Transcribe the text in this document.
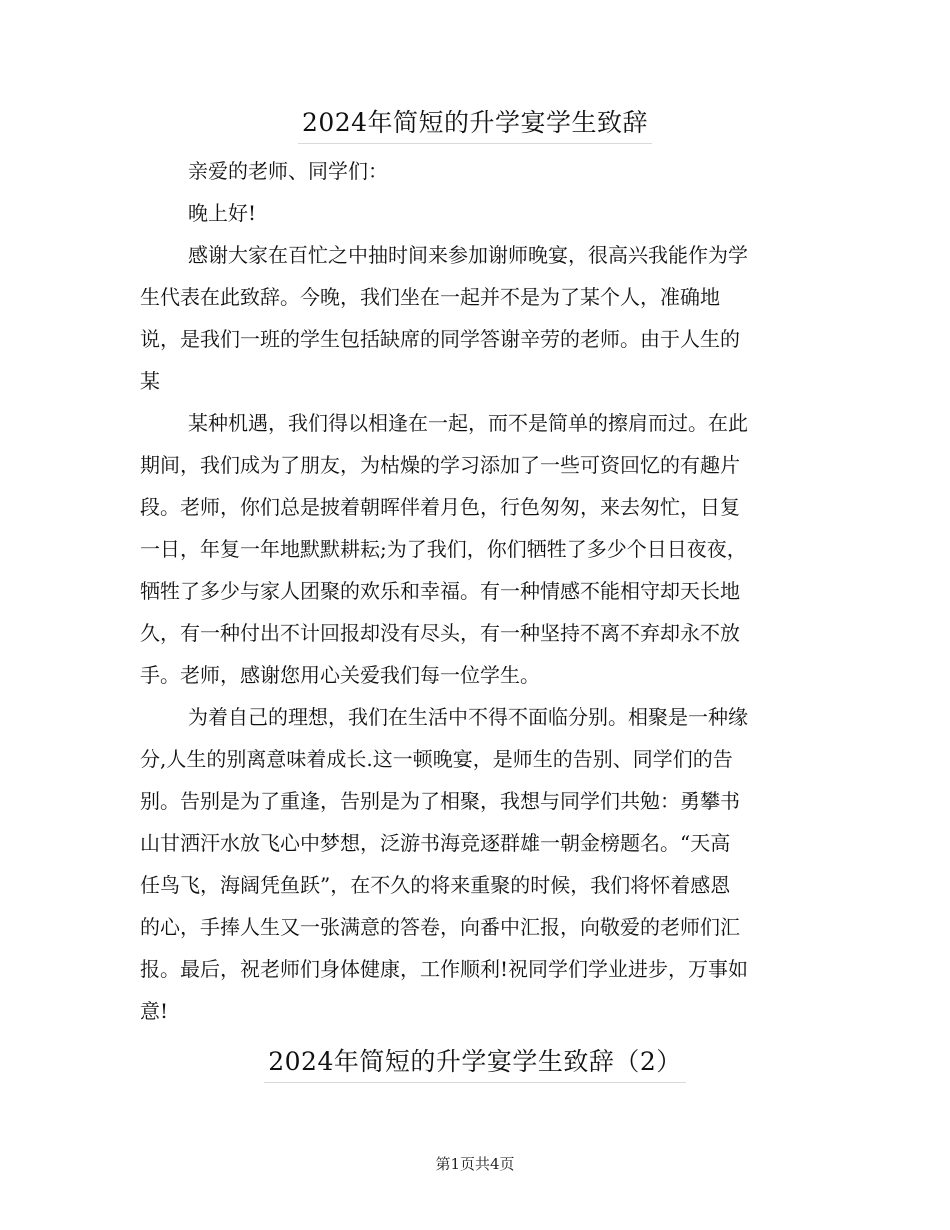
2024年简短的升学宴学生致辞
亲爱的老师、同学们：
晚上好!
感谢大家在百忙之中抽时间来参加谢师晚宴，很高兴我能作为学
生代表在此致辞。今晚，我们坐在一起并不是为了某个人，准确地
说，是我们一班的学生包括缺席的同学答谢辛劳的老师。由于人生的
某
某种机遇，我们得以相逢在一起，而不是简单的擦肩而过。在此
期间，我们成为了朋友，为枯燥的学习添加了一些可资回忆的有趣片
段。老师，你们总是披着朝晖伴着月色，行色匆匆，来去匆忙，日复
一日，年复一年地默默耕耘;为了我们，你们牺牲了多少个日日夜夜，
牺牲了多少与家人团聚的欢乐和幸福。有一种情感不能相守却天长地
久，有一种付出不计回报却没有尽头，有一种坚持不离不弃却永不放
手。老师，感谢您用心关爱我们每一位学生。
为着自己的理想，我们在生活中不得不面临分别。相聚是一种缘
分,人生的别离意味着成长.这一顿晚宴，是师生的告别、同学们的告
别。告别是为了重逢，告别是为了相聚，我想与同学们共勉：勇攀书
山甘洒汗水放飞心中梦想，泛游书海竞逐群雄一朝金榜题名。“天高
任鸟飞，海阔凭鱼跃”，在不久的将来重聚的时候，我们将怀着感恩
的心，手捧人生又一张满意的答卷，向番中汇报，向敬爱的老师们汇
报。最后，祝老师们身体健康，工作顺利!祝同学们学业进步，万事如
意!
2024年简短的升学宴学生致辞（2）
第1页共4页
